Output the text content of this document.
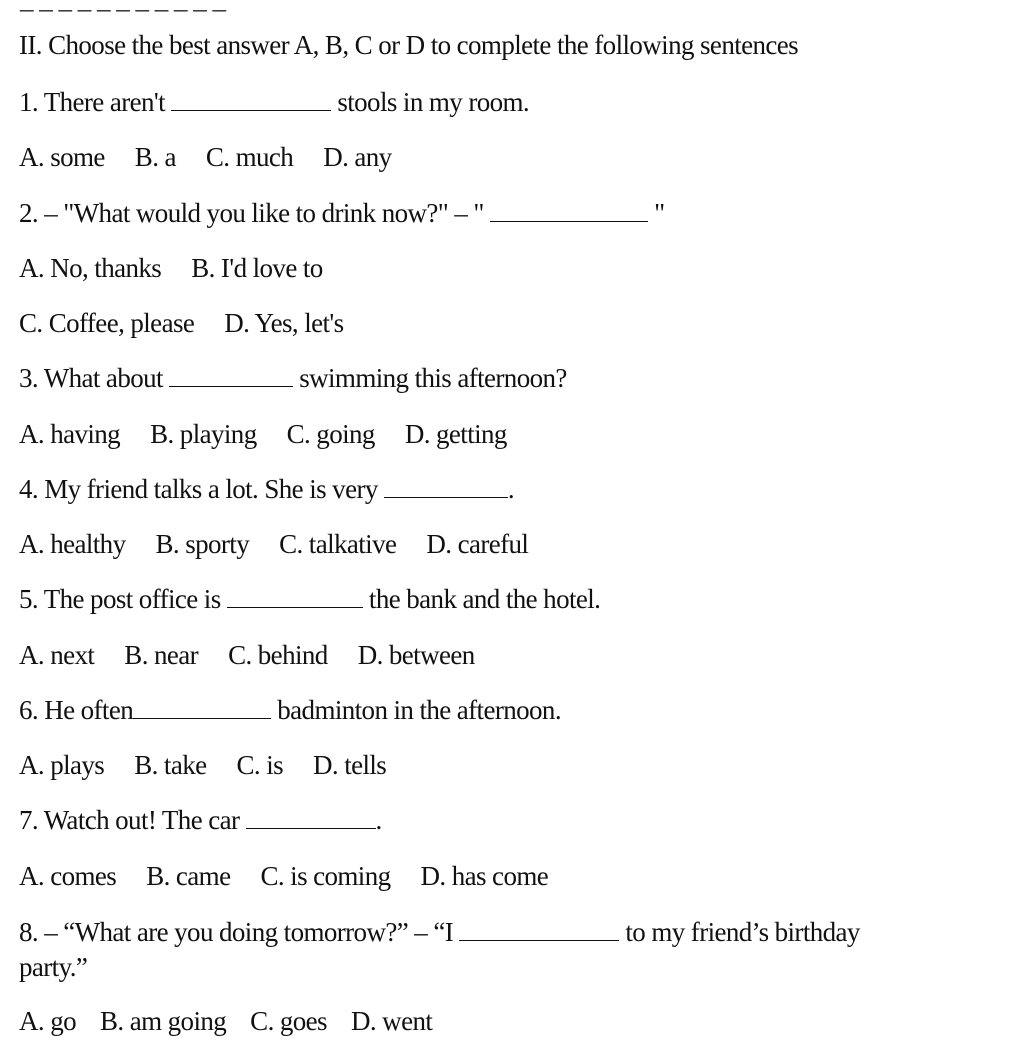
II. Choose the best answer A, B, C or D to complete the following sentences
1. There aren't	stools in my room.
A. some B. a C. much D. any
2. – "What would you like to drink now?" – "	"
A. No, thanks B. I'd love to
C. Coffee, please D. Yes, let's
3. What about	swimming this afternoon?
A. having B. playing C. going D. getting
4. My friend talks a lot. She is very	.
A. healthy B. sporty C. talkative D. careful
5. The post office is	the bank and the hotel.
A. next B. near C. behind D. between
6. He often	badminton in the afternoon.
A. plays B. take C. is D. tells
7. Watch out! The car	.
A. comes B. came C. is coming D. has come
8. – “What are you doing tomorrow?” – “I	to my friend’s birthday
party.”
A. go B. am going C. goes D. went
